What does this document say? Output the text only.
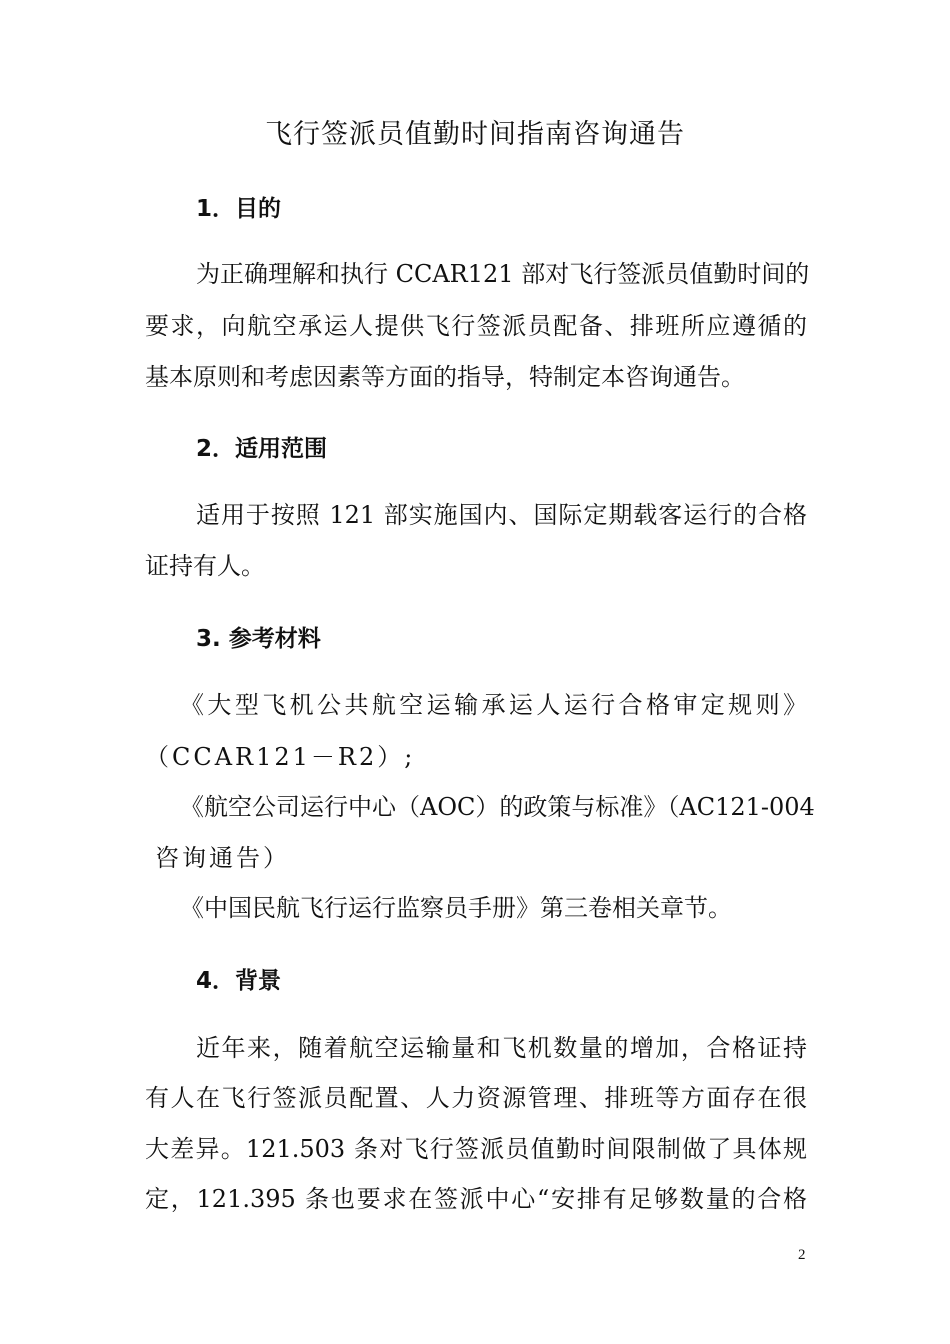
飞行签派员值勤时间指南咨询通告
1．目的
为正确理解和执行 CCAR121 部对飞行签派员值勤时间的
要求，向航空承运人提供飞行签派员配备、排班所应遵循的
基本原则和考虑因素等方面的指导，特制定本咨询通告。
2．适用范围
适用于按照 121 部实施国内、国际定期载客运行的合格
证持有人。
3. 参考材料
《大型飞机公共航空运输承运人运行合格审定规则》
（CCAR121－R2）;
《航空公司运行中心（AOC）的政策与标准》（AC121-004
咨询通告）
《中国民航飞行运行监察员手册》第三卷相关章节。
4．背景
近年来，随着航空运输量和飞机数量的增加，合格证持
有人在飞行签派员配置、人力资源管理、排班等方面存在很
大差异。121.503 条对飞行签派员值勤时间限制做了具体规
定，121.395 条也要求在签派中心“安排有足够数量的合格
2
